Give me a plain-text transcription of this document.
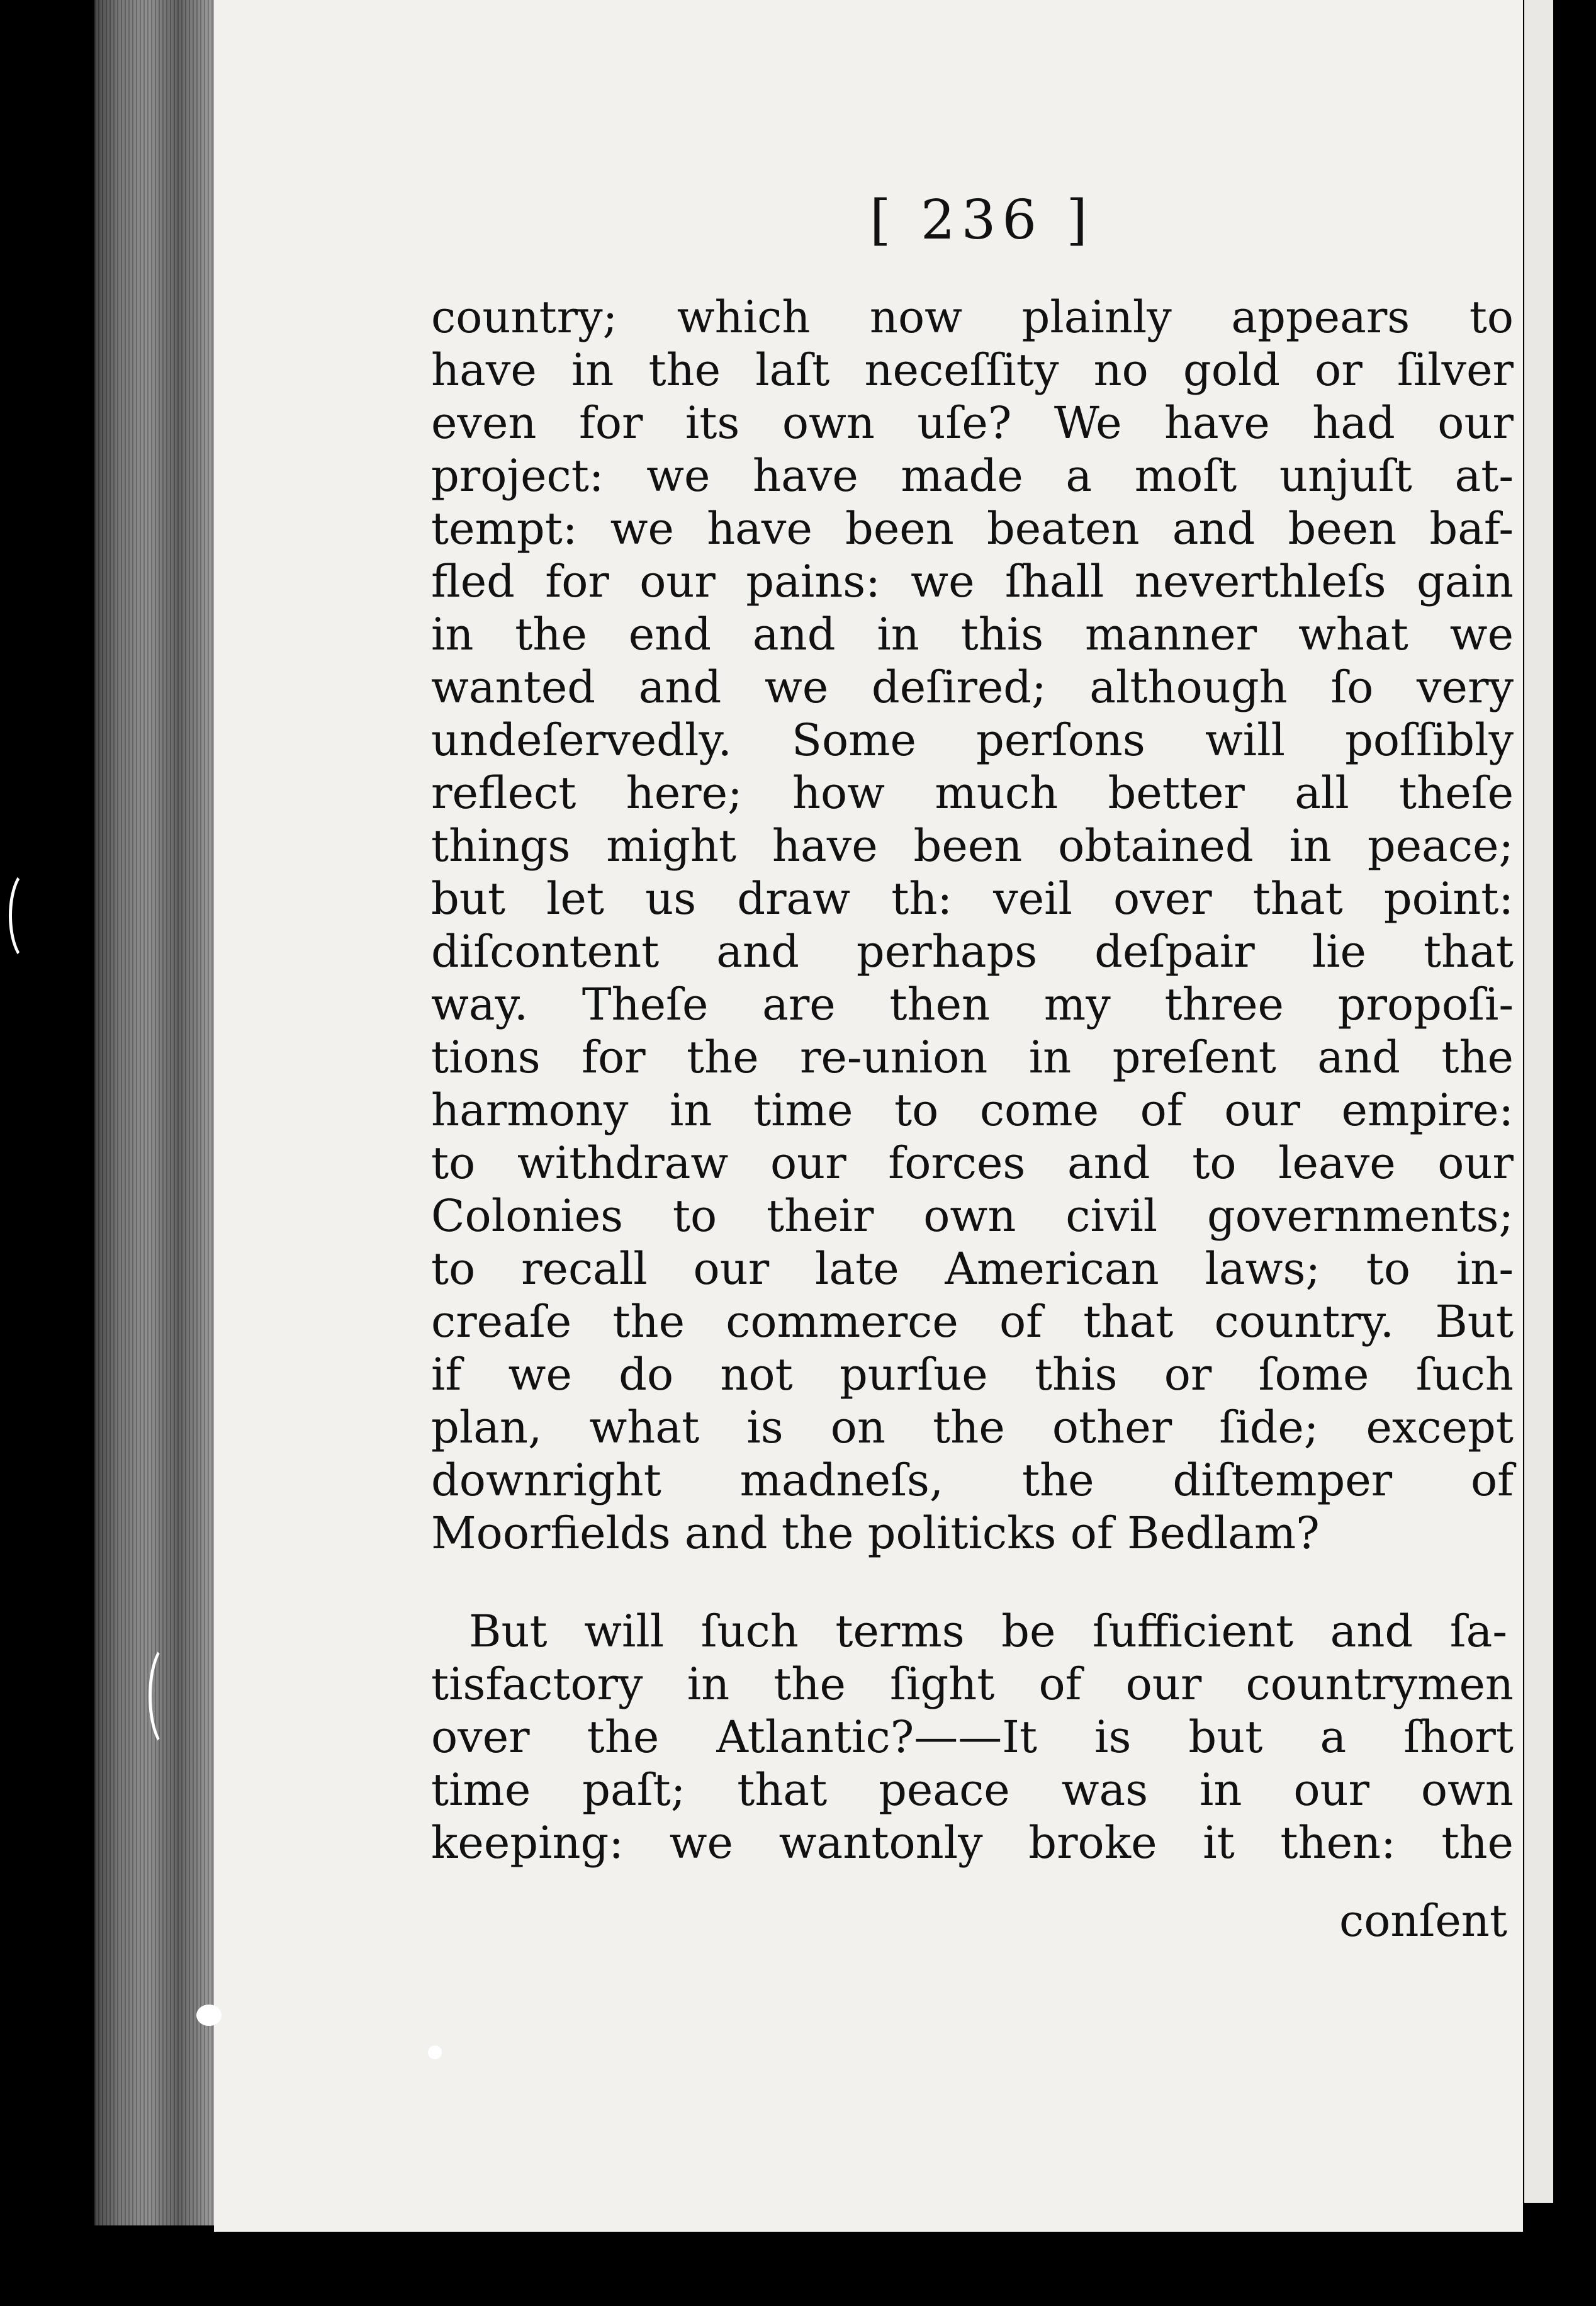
[ 236 ]
country; which now plainly appears to
have in the laſt neceſſity no gold or ſilver
even for its own uſe? We have had our
project: we have made a moſt unjuſt at-
tempt: we have been beaten and been baf-
fled for our pains: we ſhall neverthleſs gain
in the end and in this manner what we
wanted and we deſired; although ſo very
undeſervedly. Some perſons will poſſibly
reflect here; how much better all theſe
things might have been obtained in peace;
but let us draw th: veil over that point:
diſcontent and perhaps deſpair lie that
way. Theſe are then my three propoſi-
tions for the re-union in preſent and the
harmony in time to come of our empire:
to withdraw our forces and to leave our
Colonies to their own civil governments;
to recall our late American laws; to in-
creaſe the commerce of that country. But
if we do not purſue this or ſome ſuch
plan, what is on the other ſide; except
downright madneſs, the diſtemper of
Moorfields and the politicks of Bedlam?
But will ſuch terms be ſufficient and ſa-
tisfactory in the ſight of our countrymen
over the Atlantic?——It is but a ſhort
time paſt; that peace was in our own
keeping: we wantonly broke it then: the
conſent
